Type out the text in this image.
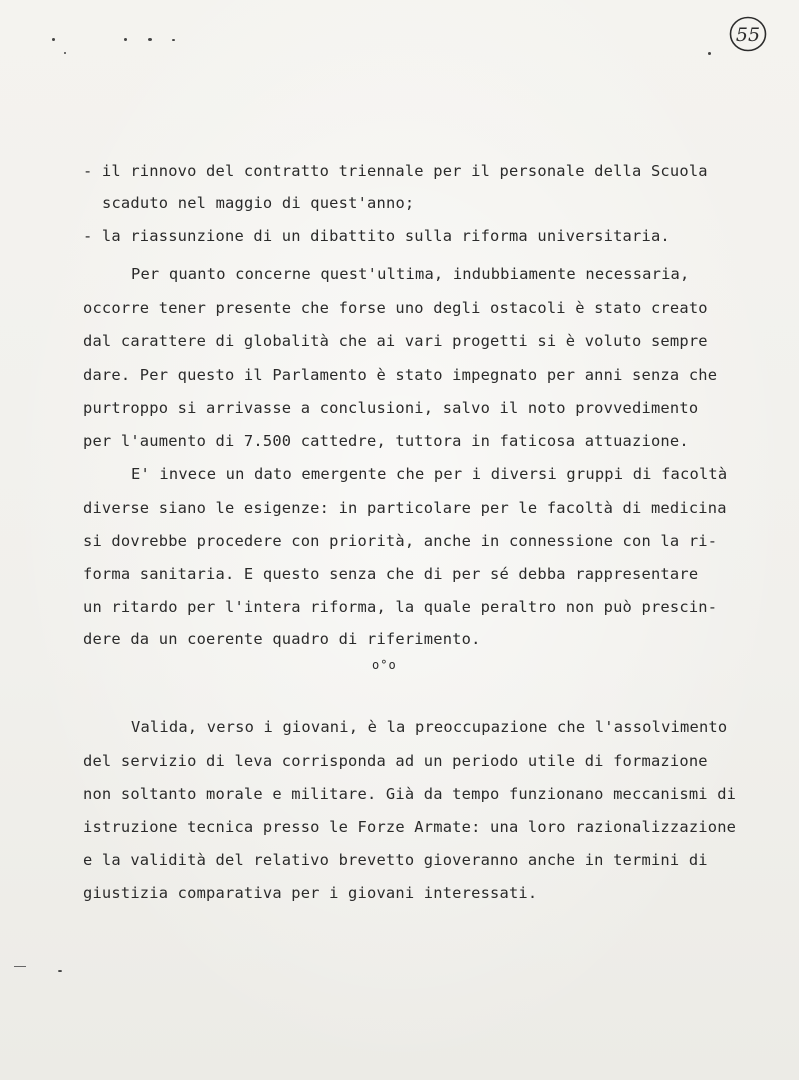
55
- il rinnovo del contratto triennale per il personale della Scuola
scaduto nel maggio di quest'anno;
- la riassunzione di un dibattito sulla riforma universitaria.
Per quanto concerne quest'ultima, indubbiamente necessaria,
occorre tener presente che forse uno degli ostacoli è stato creato
dal carattere di globalità che ai vari progetti si è voluto sempre
dare. Per questo il Parlamento è stato impegnato per anni senza che
purtroppo si arrivasse a conclusioni, salvo il noto provvedimento
per l'aumento di 7.500 cattedre, tuttora in faticosa attuazione.
E' invece un dato emergente che per i diversi gruppi di facoltà
diverse siano le esigenze: in particolare per le facoltà di medicina
si dovrebbe procedere con priorità, anche in connessione con la ri-
forma sanitaria. E questo senza che di per sé debba rappresentare
un ritardo per l'intera riforma, la quale peraltro non può prescin-
dere da un coerente quadro di riferimento.
Valida, verso i giovani, è la preoccupazione che l'assolvimento
del servizio di leva corrisponda ad un periodo utile di formazione
non soltanto morale e militare. Già da tempo funzionano meccanismi di
istruzione tecnica presso le Forze Armate: una loro razionalizzazione
e la validità del relativo brevetto gioveranno anche in termini di
giustizia comparativa per i giovani interessati.
o°o
